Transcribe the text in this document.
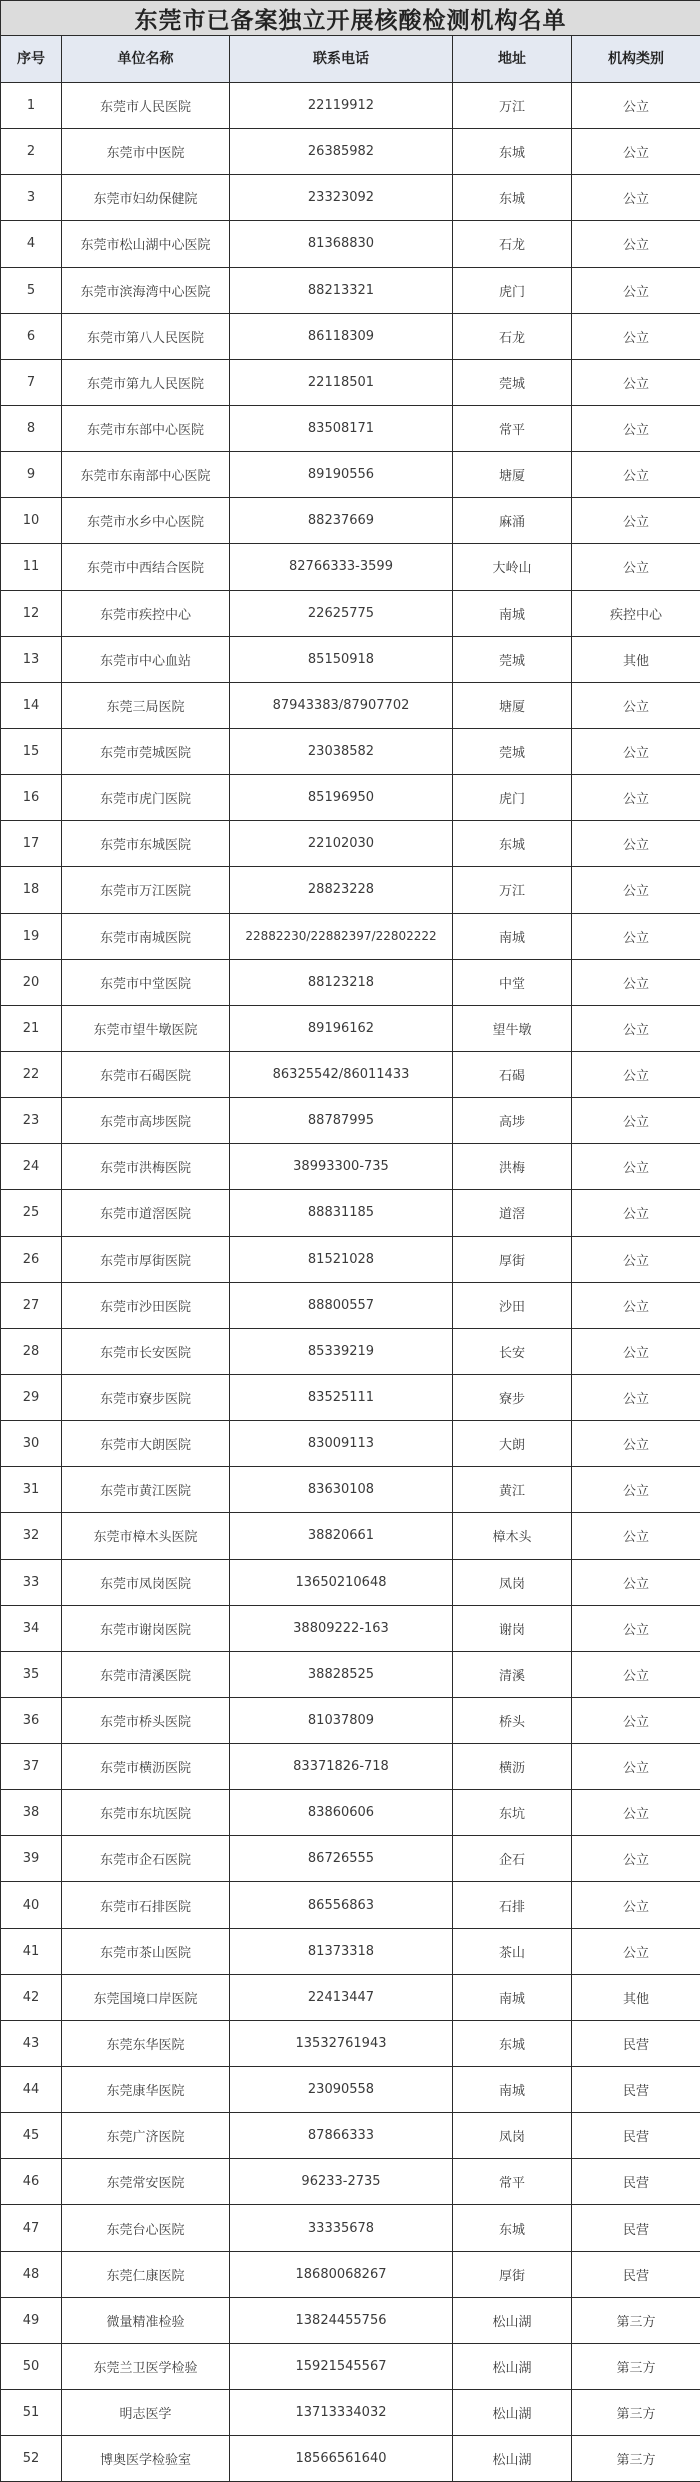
东莞市已备案独立开展核酸检测机构名单				
序号	单位名称	联系电话	地址	机构类别
1	东莞市人民医院	22119912	万江	公立
2	东莞市中医院	26385982	东城	公立
3	东莞市妇幼保健院	23323092	东城	公立
4	东莞市松山湖中心医院	81368830	石龙	公立
5	东莞市滨海湾中心医院	88213321	虎门	公立
6	东莞市第八人民医院	86118309	石龙	公立
7	东莞市第九人民医院	22118501	莞城	公立
8	东莞市东部中心医院	83508171	常平	公立
9	东莞市东南部中心医院	89190556	塘厦	公立
10	东莞市水乡中心医院	88237669	麻涌	公立
11	东莞市中西结合医院	82766333-3599	大岭山	公立
12	东莞市疾控中心	22625775	南城	疾控中心
13	东莞市中心血站	85150918	莞城	其他
14	东莞三局医院	87943383/87907702	塘厦	公立
15	东莞市莞城医院	23038582	莞城	公立
16	东莞市虎门医院	85196950	虎门	公立
17	东莞市东城医院	22102030	东城	公立
18	东莞市万江医院	28823228	万江	公立
19	东莞市南城医院	22882230/22882397/22802222	南城	公立
20	东莞市中堂医院	88123218	中堂	公立
21	东莞市望牛墩医院	89196162	望牛墩	公立
22	东莞市石碣医院	86325542/86011433	石碣	公立
23	东莞市高埗医院	88787995	高埗	公立
24	东莞市洪梅医院	38993300-735	洪梅	公立
25	东莞市道滘医院	88831185	道滘	公立
26	东莞市厚街医院	81521028	厚街	公立
27	东莞市沙田医院	88800557	沙田	公立
28	东莞市长安医院	85339219	长安	公立
29	东莞市寮步医院	83525111	寮步	公立
30	东莞市大朗医院	83009113	大朗	公立
31	东莞市黄江医院	83630108	黄江	公立
32	东莞市樟木头医院	38820661	樟木头	公立
33	东莞市凤岗医院	13650210648	凤岗	公立
34	东莞市谢岗医院	38809222-163	谢岗	公立
35	东莞市清溪医院	38828525	清溪	公立
36	东莞市桥头医院	81037809	桥头	公立
37	东莞市横沥医院	83371826-718	横沥	公立
38	东莞市东坑医院	83860606	东坑	公立
39	东莞市企石医院	86726555	企石	公立
40	东莞市石排医院	86556863	石排	公立
41	东莞市茶山医院	81373318	茶山	公立
42	东莞国境口岸医院	22413447	南城	其他
43	东莞东华医院	13532761943	东城	民营
44	东莞康华医院	23090558	南城	民营
45	东莞广济医院	87866333	凤岗	民营
46	东莞常安医院	96233-2735	常平	民营
47	东莞台心医院	33335678	东城	民营
48	东莞仁康医院	18680068267	厚街	民营
49	微量精准检验	13824455756	松山湖	第三方
50	东莞兰卫医学检验	15921545567	松山湖	第三方
51	明志医学	13713334032	松山湖	第三方
52	博奥医学检验室	18566561640	松山湖	第三方
